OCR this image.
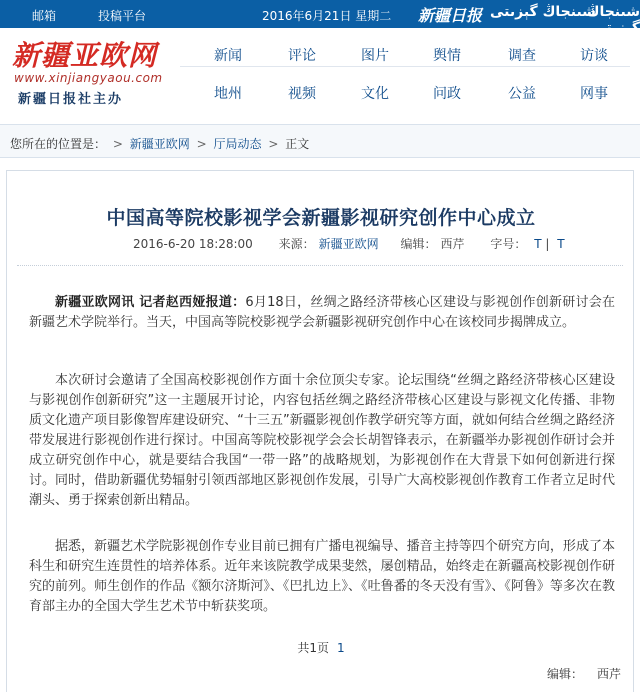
邮箱	投稿平台	2016年6月21日 星期二 新疆日报 شىنجاڭ گېزىتى
شىنجاڭ
新疆亚欧网
www.xinjiangyaou.com
新疆日报社主办
新闻	评论	图片	舆情	调查	访谈
地州	视频	文化	问政	公益	网事
您所在的位置是： > 新疆亚欧网 > 厅局动态 > 正文
中国高等院校影视学会新疆影视研究创作中心成立
2016-6-20 18:28:00 来源： 新疆亚欧网 编辑： 西芹 字号： T | T

新疆亚欧网讯 记者赵西娅报道：6月18日，丝绸之路经济带核心区建设与影视创作创新研讨会在新疆艺术学院举行。当天，中国高等院校影视学会新疆影视研究创作中心在该校同步揭牌成立。

本次研讨会邀请了全国高校影视创作方面十余位顶尖专家。论坛围绕“丝绸之路经济带核心区建设与影视创作创新研究”这一主题展开讨论，内容包括丝绸之路经济带核心区建设与影视文化传播、非物质文化遗产项目影像智库建设研究、“十三五”新疆影视创作教学研究等方面，就如何结合丝绸之路经济带发展进行影视创作进行探讨。中国高等院校影视学会会长胡智锋表示，在新疆举办影视创作研讨会并成立研究创作中心，就是要结合我国“一带一路”的战略规划，为影视创作在大背景下如何创新进行探讨。同时，借助新疆优势辐射引领西部地区影视创作发展，引导广大高校影视创作教育工作者立足时代潮头、勇于探索创新出精品。

据悉，新疆艺术学院影视创作专业目前已拥有广播电视编导、播音主持等四个研究方向，形成了本科生和研究生连贯性的培养体系。近年来该院教学成果斐然，屡创精品，始终走在新疆高校影视创作研究的前列。师生创作的作品《额尔济斯河》、《巴扎边上》、《吐鲁番的冬天没有雪》、《阿鲁》等多次在教育部主办的全国大学生艺术节中斩获奖项。

共1页 1
编辑： 西芹
